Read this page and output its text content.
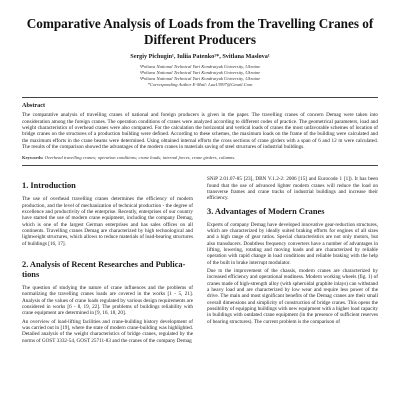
Comparative Analysis of Loads from the Travelling Cranes of
Different Producers
Sergiy Pichugin¹, Iuliia Patenko¹*, Svitlana Maslova¹
¹Poltava National Technical Yuri Kondratyuk University, Ukraine
¹Poltava National Technical Yuri Kondratyuk University, Ukraine
¹Poltava National Technical Yuri Kondratyuk University, Ukraine
*Corresponding Author E-Mail: Lua13997@Gmail.Com
Abstract
The comparative analysis of travelling cranes of national and foreign producers is given in the paper. The travelling cranes of concern Demag were taken into consideration among the foreign cranes. The operation conditions of cranes were analyzed according to different codes of practice. The geometrical parameters, load and weight characteristics of overhead cranes were also compared. For the calculation the horizontal and vertical loads of cranes the most unfavorable schemes of location of bridge cranes on the structures of a production building were defined. According to these schemes, the maximum loads on the frame of the building were calculated and the maximum efforts in the crane beams were determined. Using obtained internal efforts the cross sections of crane girders with a span of 6 and 12 m were calculated. The results of the comparison showed the advantages of the modern cranes in materials saving of steel structures of industrial buildings.
Keywords: Overhead travelling cranes; operation conditions; crane loads; internal forces, crane girders, columns.
1. Introduction

The use of overhead travelling cranes determines the efficiency of modern production, and the level of mechanization of technical production - the degree of excellence and productivity of the enterprise. Recently, enterprises of our country have started the use of modern crane equipment, including the company Demag, which is one of the largest German enterprises and has sales offices on all continents. Travelling cranes Demag are characterized by high technological and lightweight structures, which allows to reduce materials of load-bearing structures of buildings [16, 17].

2. Analysis of Recent Researches and Publica-
tions

The question of studying the nature of crane influences and the problems of normalizing the travelling cranes loads are covered in the works [1 - 5, 21]. Analysis of the values of crane loads regulated by various design requirements are considered in works [6 - 8, 19, 22]. The problems of buildings reliability with crane equipment are determined in [9, 16, 18, 20].

An overview of load-lifting facilities and crane-building history development of was carried out in [19], where the state of modern crane-building was highlighted. Detailed analysis of the weight characteristics of bridge cranes, regulated by the norms of GOST 3332-54, GOST 25711-83 and the cranes of the company Demag

SNiP 2.01.07-85 [23], DBN V.1.2-2: 2006 [15] and Eurocode 1 [1]). It has been found that the use of advanced lighter modern cranes will reduce the load on transverse frames and crane tracks of industrial buildings and increase their efficiency.

3. Advantages of Modern Cranes

Experts of company Demag have developed innovative gear-reduction structures, which are characterized by ideally suited braking efforts for engines of all sizes and a high range of gear ratios. Special characteristics are not only motors, but also transducers. Doubtless frequency converters have a number of advantages in lifting, lowering, rotating and moving loads and are characterized by reliable operation with rapid change in load conditions and reliable braking with the help of the built in brake interrupt modulator.

Due to the improvement of the chassis, modern cranes are characterized by increased efficiency and operational readiness. Modern working wheels (fig. 1) of cranes made of high-strength alloy (with spheroidal graphite inlays) can withstand a heavy load and are characterized by low wear and require less power of the drive. The main and most significant benefits of the Demag cranes are their small overall dimensions and simplicity of construction of bridge cranes. This opens the possibility of equipping buildings with new equipment with a higher load capacity in buildings with outdated crane equipment (in the presence of sufficient reserves of bearing structures). The current problem is the comparison of
